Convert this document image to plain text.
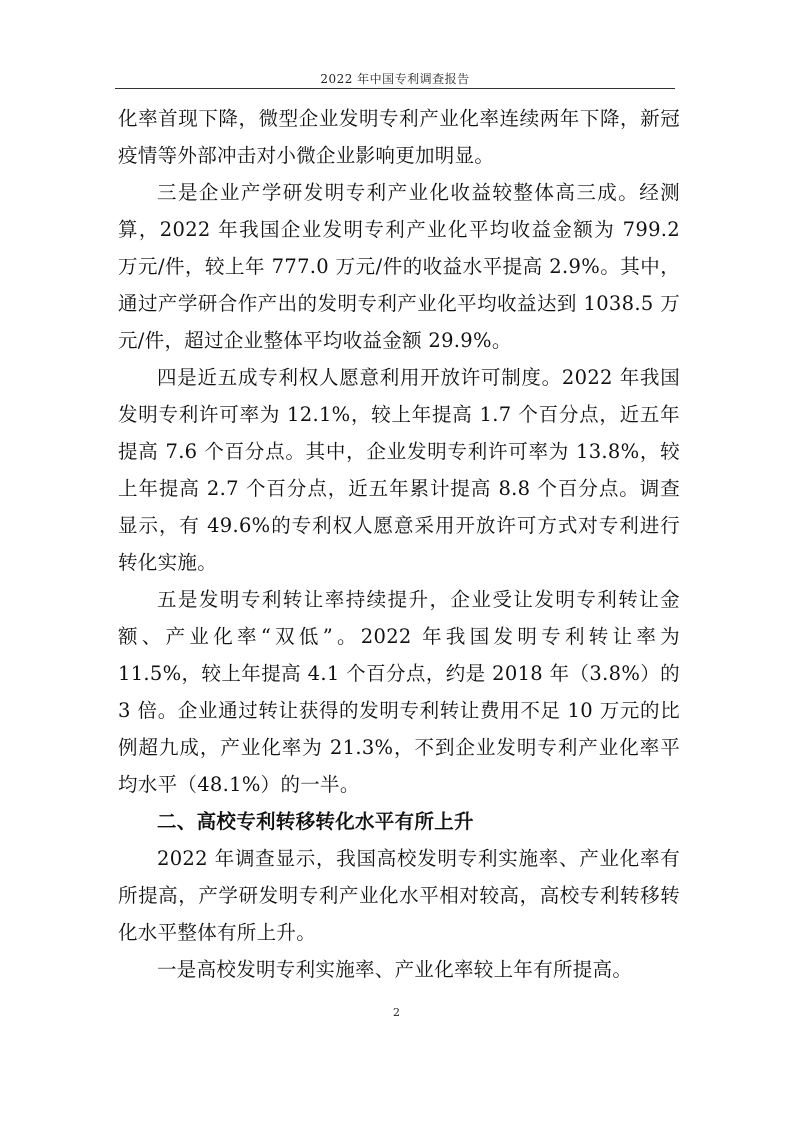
2022 年中国专利调查报告

化率首现下降，微型企业发明专利产业化率连续两年下降，新冠疫情等外部冲击对小微企业影响更加明显。

三是企业产学研发明专利产业化收益较整体高三成。经测算，2022 年我国企业发明专利产业化平均收益金额为 799.2 万元/件，较上年 777.0 万元/件的收益水平提高 2.9%。其中，通过产学研合作产出的发明专利产业化平均收益达到 1038.5 万元/件，超过企业整体平均收益金额 29.9%。

四是近五成专利权人愿意利用开放许可制度。2022 年我国发明专利许可率为 12.1%，较上年提高 1.7 个百分点，近五年提高 7.6 个百分点。其中，企业发明专利许可率为 13.8%，较上年提高 2.7 个百分点，近五年累计提高 8.8 个百分点。调查显示，有 49.6%的专利权人愿意采用开放许可方式对专利进行转化实施。

五是发明专利转让率持续提升，企业受让发明专利转让金额、产业化率“双低”。2022 年我国发明专利转让率为 11.5%，较上年提高 4.1 个百分点，约是 2018 年（3.8%）的 3 倍。企业通过转让获得的发明专利转让费用不足 10 万元的比例超九成，产业化率为 21.3%，不到企业发明专利产业化率平均水平（48.1%）的一半。

二、高校专利转移转化水平有所上升

2022 年调查显示，我国高校发明专利实施率、产业化率有所提高，产学研发明专利产业化水平相对较高，高校专利转移转化水平整体有所上升。

一是高校发明专利实施率、产业化率较上年有所提高。

2
